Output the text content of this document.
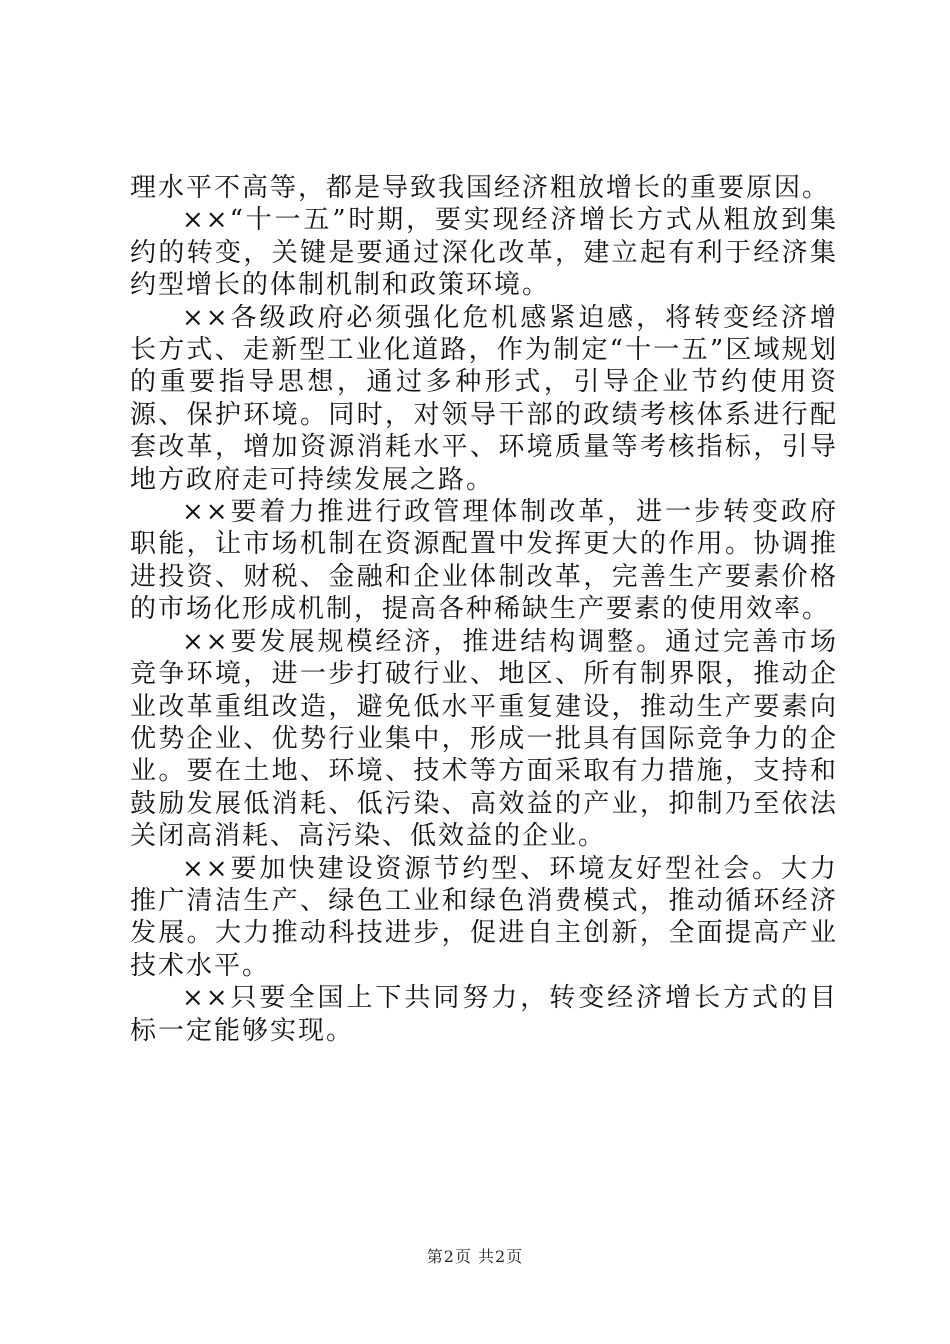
理水平不高等，都是导致我国经济粗放增长的重要原因。

××“十一五”时期，要实现经济增长方式从粗放到集约的转变，关键是要通过深化改革，建立起有利于经济集约型增长的体制机制和政策环境。

××各级政府必须强化危机感紧迫感，将转变经济增长方式、走新型工业化道路，作为制定“十一五”区域规划的重要指导思想，通过多种形式，引导企业节约使用资源、保护环境。同时，对领导干部的政绩考核体系进行配套改革，增加资源消耗水平、环境质量等考核指标，引导地方政府走可持续发展之路。

××要着力推进行政管理体制改革，进一步转变政府职能，让市场机制在资源配置中发挥更大的作用。协调推进投资、财税、金融和企业体制改革，完善生产要素价格的市场化形成机制，提高各种稀缺生产要素的使用效率。

××要发展规模经济，推进结构调整。通过完善市场竞争环境，进一步打破行业、地区、所有制界限，推动企业改革重组改造，避免低水平重复建设，推动生产要素向优势企业、优势行业集中，形成一批具有国际竞争力的企业。要在土地、环境、技术等方面采取有力措施，支持和鼓励发展低消耗、低污染、高效益的产业，抑制乃至依法关闭高消耗、高污染、低效益的企业。

××要加快建设资源节约型、环境友好型社会。大力推广清洁生产、绿色工业和绿色消费模式，推动循环经济发展。大力推动科技进步，促进自主创新，全面提高产业技术水平。

××只要全国上下共同努力，转变经济增长方式的目标一定能够实现。

第2页 共2页
